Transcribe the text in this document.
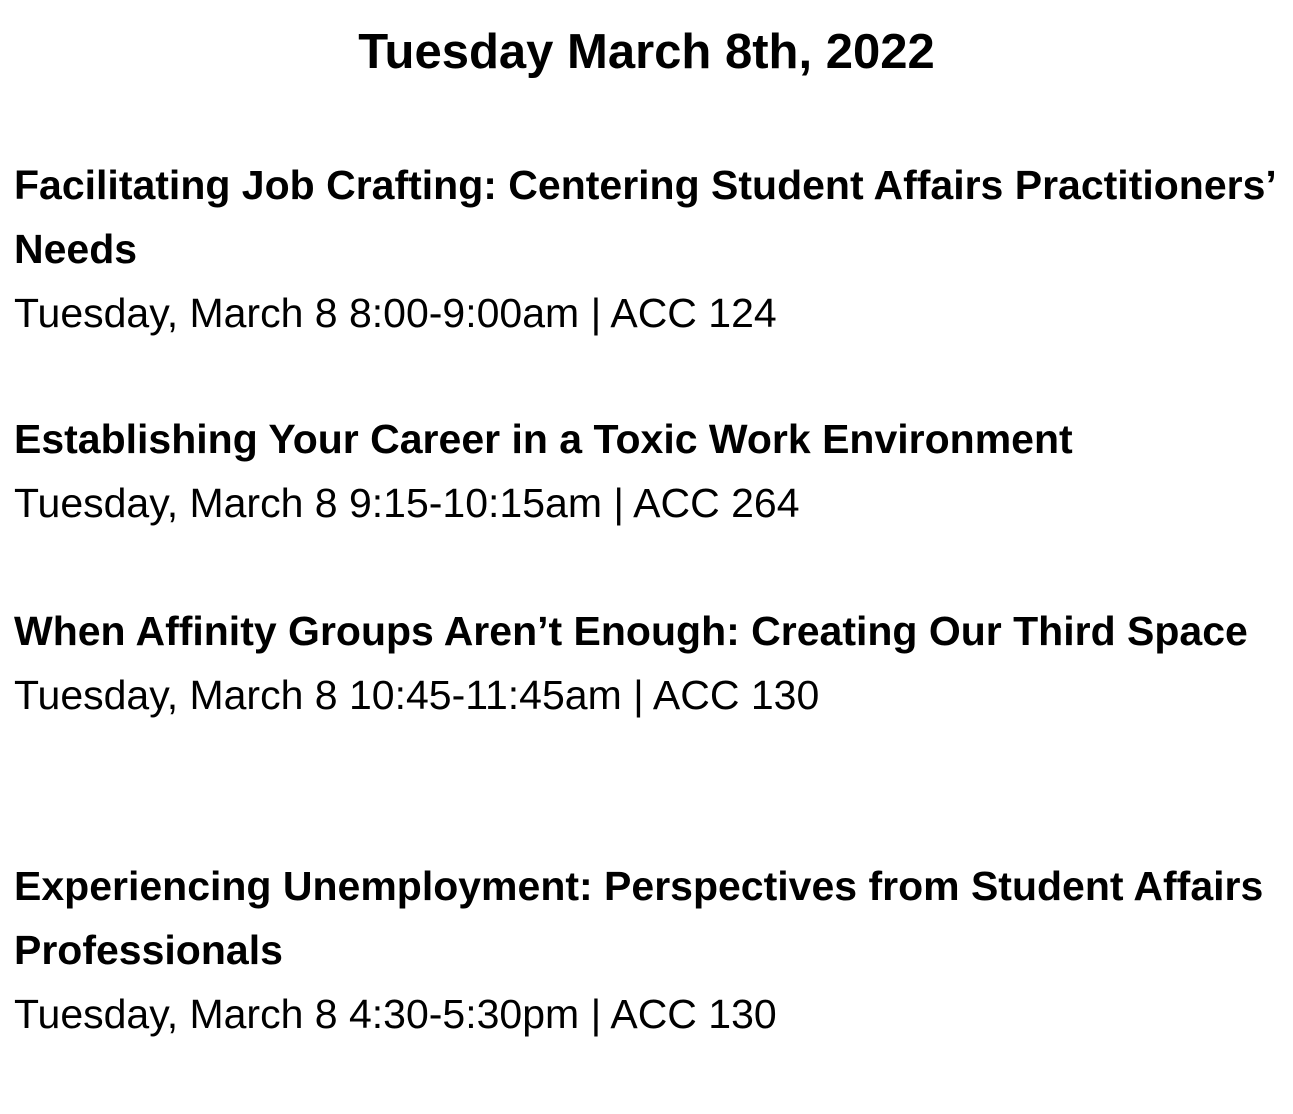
Tuesday March 8th, 2022

Facilitating Job Crafting: Centering Student Affairs Practitioners’ Needs

Tuesday, March 8 8:00-9:00am | ACC 124

Establishing Your Career in a Toxic Work Environment

Tuesday, March 8 9:15-10:15am | ACC 264

When Affinity Groups Aren’t Enough: Creating Our Third Space

Tuesday, March 8 10:45-11:45am | ACC 130

Experiencing Unemployment: Perspectives from Student Affairs Professionals

Tuesday, March 8 4:30-5:30pm | ACC 130
